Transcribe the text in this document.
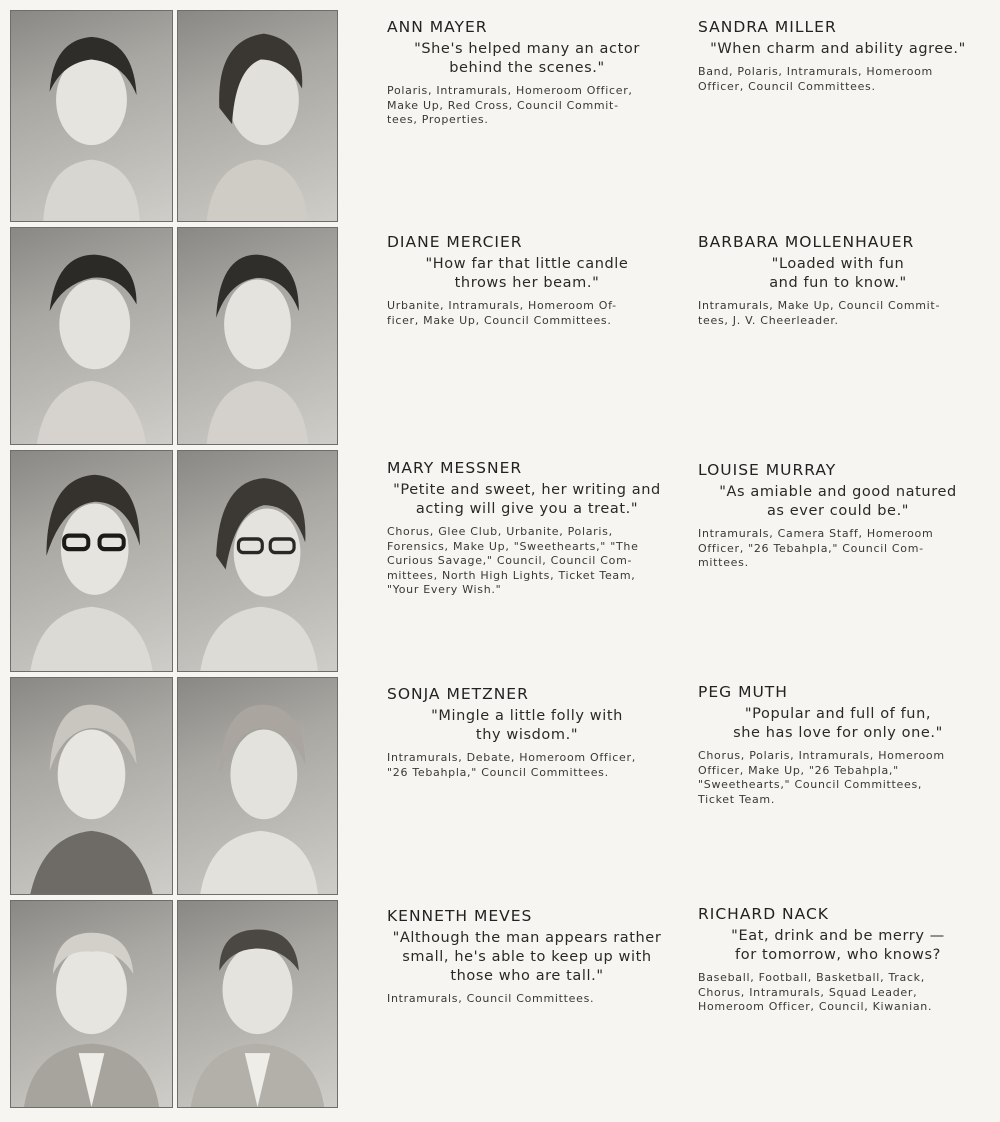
ANN MAYER

"She's helped many an actor
behind the scenes."

Polaris, Intramurals, Homeroom Officer,
Make Up, Red Cross, Council Commit-
tees, Properties.

SANDRA MILLER

"When charm and ability agree."

Band, Polaris, Intramurals, Homeroom
Officer, Council Committees.

DIANE MERCIER

"How far that little candle
throws her beam."

Urbanite, Intramurals, Homeroom Of-
ficer, Make Up, Council Committees.

BARBARA MOLLENHAUER

"Loaded with fun
and fun to know."

Intramurals, Make Up, Council Commit-
tees, J. V. Cheerleader.

MARY MESSNER

"Petite and sweet, her writing and
acting will give you a treat."

Chorus, Glee Club, Urbanite, Polaris,
Forensics, Make Up, "Sweethearts," "The
Curious Savage," Council, Council Com-
mittees, North High Lights, Ticket Team,
"Your Every Wish."

LOUISE MURRAY

"As amiable and good natured
as ever could be."

Intramurals, Camera Staff, Homeroom
Officer, "26 Tebahpla," Council Com-
mittees.

SONJA METZNER

"Mingle a little folly with
thy wisdom."

Intramurals, Debate, Homeroom Officer,
"26 Tebahpla," Council Committees.

PEG MUTH

"Popular and full of fun,
she has love for only one."

Chorus, Polaris, Intramurals, Homeroom
Officer, Make Up, "26 Tebahpla,"
"Sweethearts," Council Committees,
Ticket Team.

KENNETH MEVES

"Although the man appears rather
small, he's able to keep up with
those who are tall."

Intramurals, Council Committees.

RICHARD NACK

"Eat, drink and be merry —
for tomorrow, who knows?

Baseball, Football, Basketball, Track,
Chorus, Intramurals, Squad Leader,
Homeroom Officer, Council, Kiwanian.
